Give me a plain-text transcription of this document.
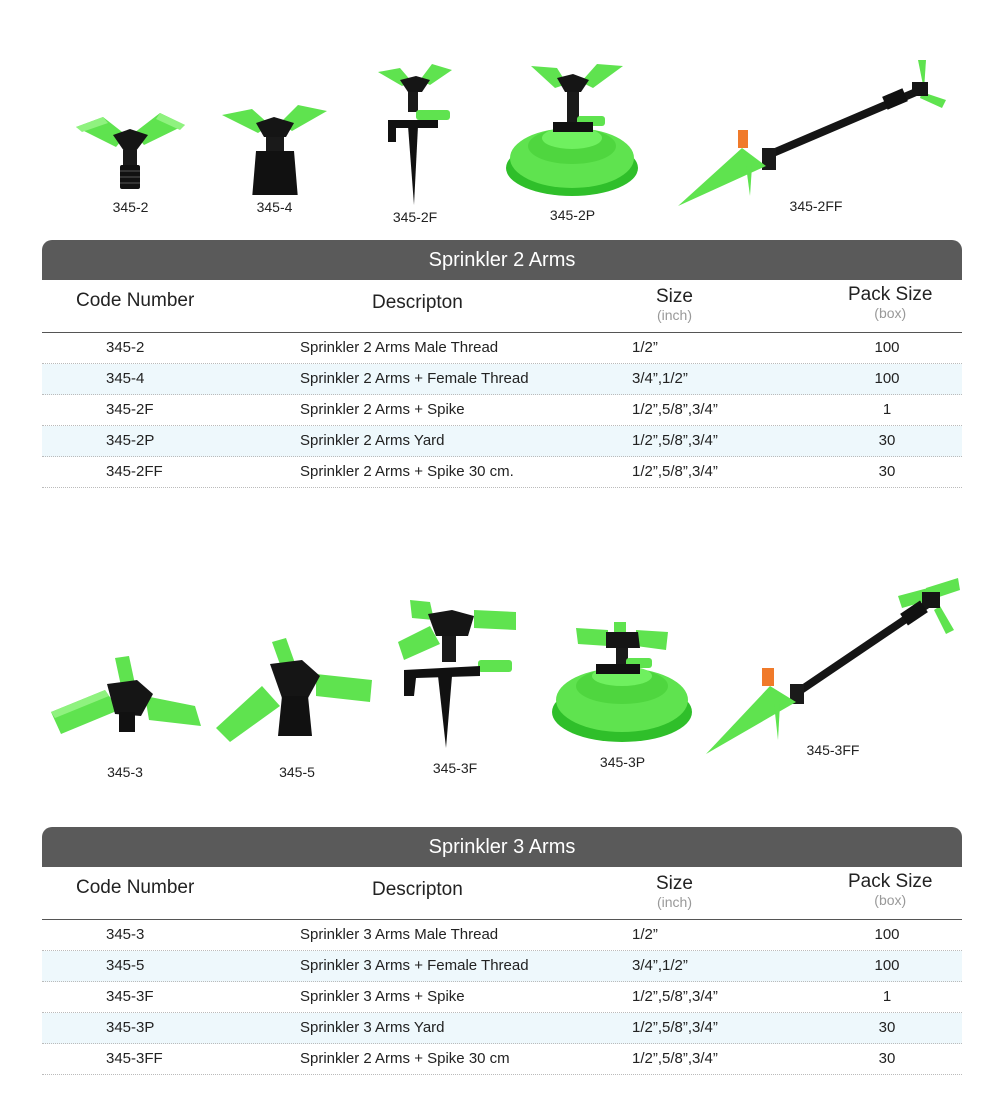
345-2	345-4
345-2F	345-2P
345-2FF
Sprinkler 2 Arms
Code Number	Descripton	Size
(inch)
Pack Size
(box)
345-2	Sprinkler 2 Arms Male Thread	1/2”	100
345-4	Sprinkler 2 Arms + Female Thread	3/4”,1/2”	100
345-2F	Sprinkler 2 Arms + Spike	1/2”,5/8”,3/4”	1
345-2P	Sprinkler 2 Arms Yard	1/2”,5/8”,3/4”	30
345-2FF	Sprinkler 2 Arms + Spike 30 cm.	1/2”,5/8”,3/4”	30
345-3	345-5	345-3F	345-3P
345-3FF
Sprinkler 3 Arms
Code Number	Descripton	Size
(inch)
Pack Size
(box)
345-3	Sprinkler 3 Arms Male Thread	1/2”	100
345-5	Sprinkler 3 Arms + Female Thread	3/4”,1/2”	100
345-3F	Sprinkler 3 Arms + Spike	1/2”,5/8”,3/4”	1
345-3P	Sprinkler 3 Arms Yard	1/2”,5/8”,3/4”	30
345-3FF	Sprinkler 2 Arms + Spike 30 cm	1/2”,5/8”,3/4”	30
